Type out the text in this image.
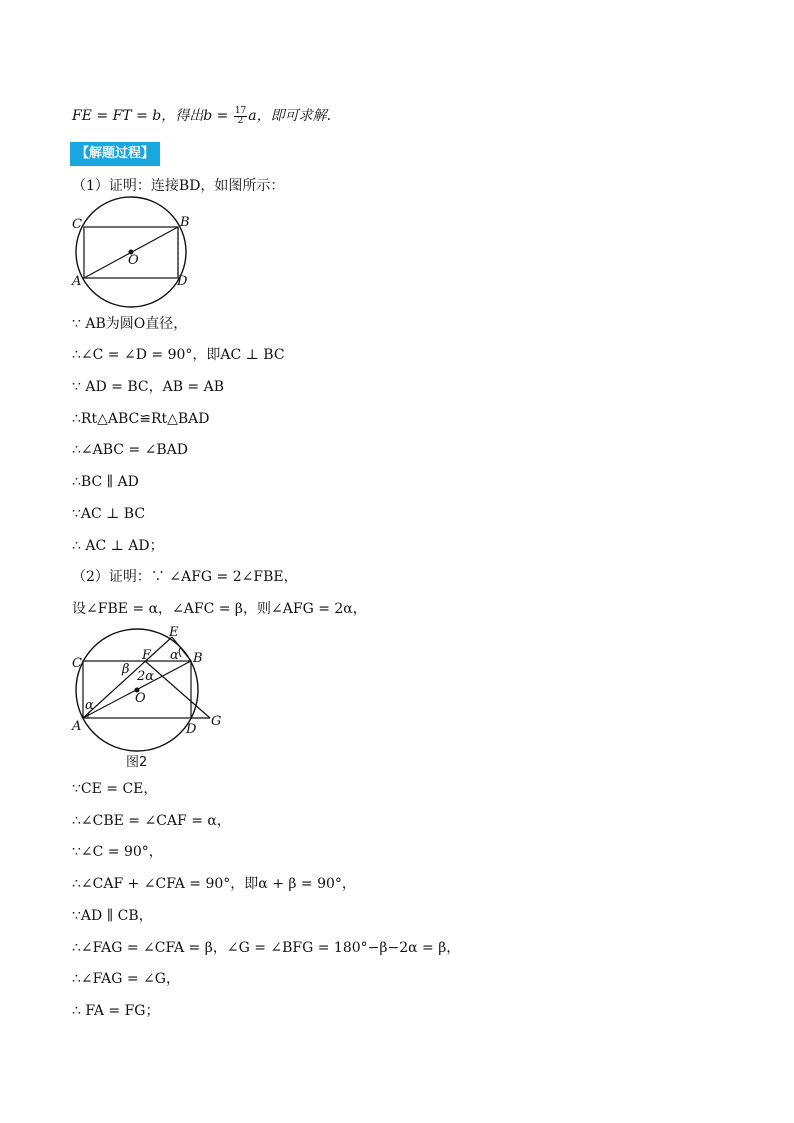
FE = FT = b，得出$b = \frac{17}{2}$ a，即可求解.
【解题过程】
（1）证明：连接BD，如图所示：
C	B
A	D
O
∵ AB为圆O直径，
∴∠C = ∠D = 90°，即AC ⊥ BC
∵ AD = BC，AB = AB
∴Rt△ABC≌Rt△BAD
∴∠ABC = ∠BAD
∴BC ∥ AD
∵AC ⊥ BC
∴ AC ⊥ AD；
（2）证明：∵ ∠AFG = 2∠FBE，
设∠FBE = α，∠AFC = β，则∠AFG = 2α，
C	B
A	D
O
E
F
G
α
α
β 2α
图2
∵CE = CE，
∴∠CBE = ∠CAF = α，
∵∠C = 90°，
∴∠CAF + ∠CFA = 90°，即α + β = 90°，
∵AD ∥ CB，
∴∠FAG = ∠CFA = β，∠G = ∠BFG = 180°−β−2α = β，
∴∠FAG = ∠G，
∴ FA = FG；
